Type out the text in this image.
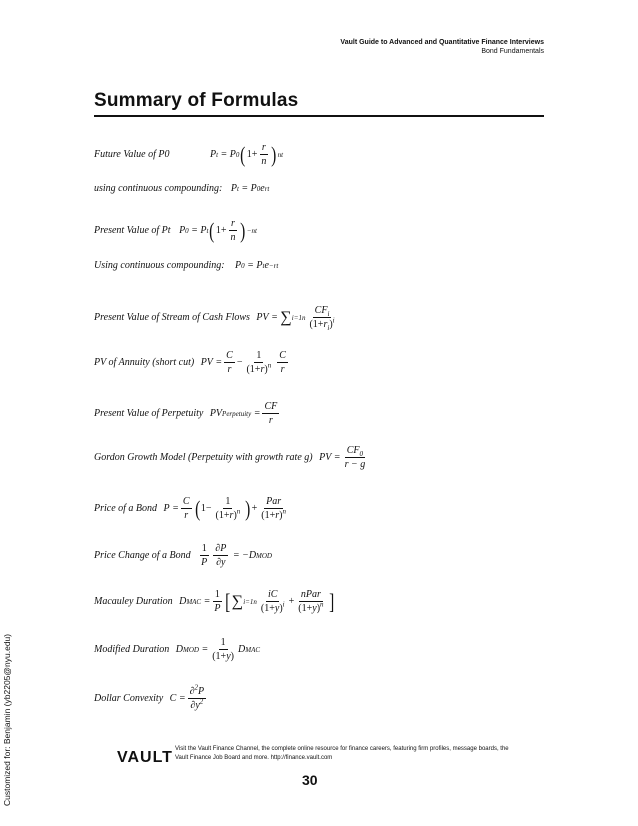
Vault Guide to Advanced and Quantitative Finance Interviews
Bond Fundamentals
Summary of Formulas
Future Value of P0	P t = P 0 ( $1+ \frac{r}{n}$ ) nt
using continuous compounding: P t = P 0 e rt
Present Value of Pt P 0 = P t ( $1+ \frac{r}{n}$ ) −nt
Using continuous compounding: P 0 = P t e −rt
Present Value of Stream of Cash Flows PV = ∑ i=1 n $\frac{CF_i}{(1+r_i)^i}$
PV of Annuity (short cut) PV = $\frac{C}{r} - \frac{1}{(1+r)^n} \frac{C}{r}$
Present Value of Perpetuity PV Perpetuity = $\frac{CF}{r}$
Gordon Growth Model (Perpetuity with growth rate g) PV = $\frac{CF_0}{r - g}$
Price of a Bond $P = \frac{C}{r}$ ( $1- \frac{1}{(1+r)^n}$ ) + $\frac{\text{Par}}{(1+r)^n}$
Price Change of a Bond $\frac{1}{P} \frac{\partial P}{\partial y} = -D$ MOD
Macauley Duration D MAC = $\frac{1}{P}$ [ ∑ i=1 n $\frac{iC}{(1+y)^i} + \frac{\text{nPar}}{(1+y)^n}$ ]
Modified Duration D MOD = $\frac{1}{(1+y)}$ D MAC
Dollar Convexity $C = \frac{\partial^2P}{\partial y^2}$
Customized for: Benjamin (yb2205@nyu.edu)	VAULT Visit the Vault Finance Channel, the complete online resource for finance careers, featuring firm profiles, message boards, the Vault Finance Job Board and more. http://finance.vault.com
30
